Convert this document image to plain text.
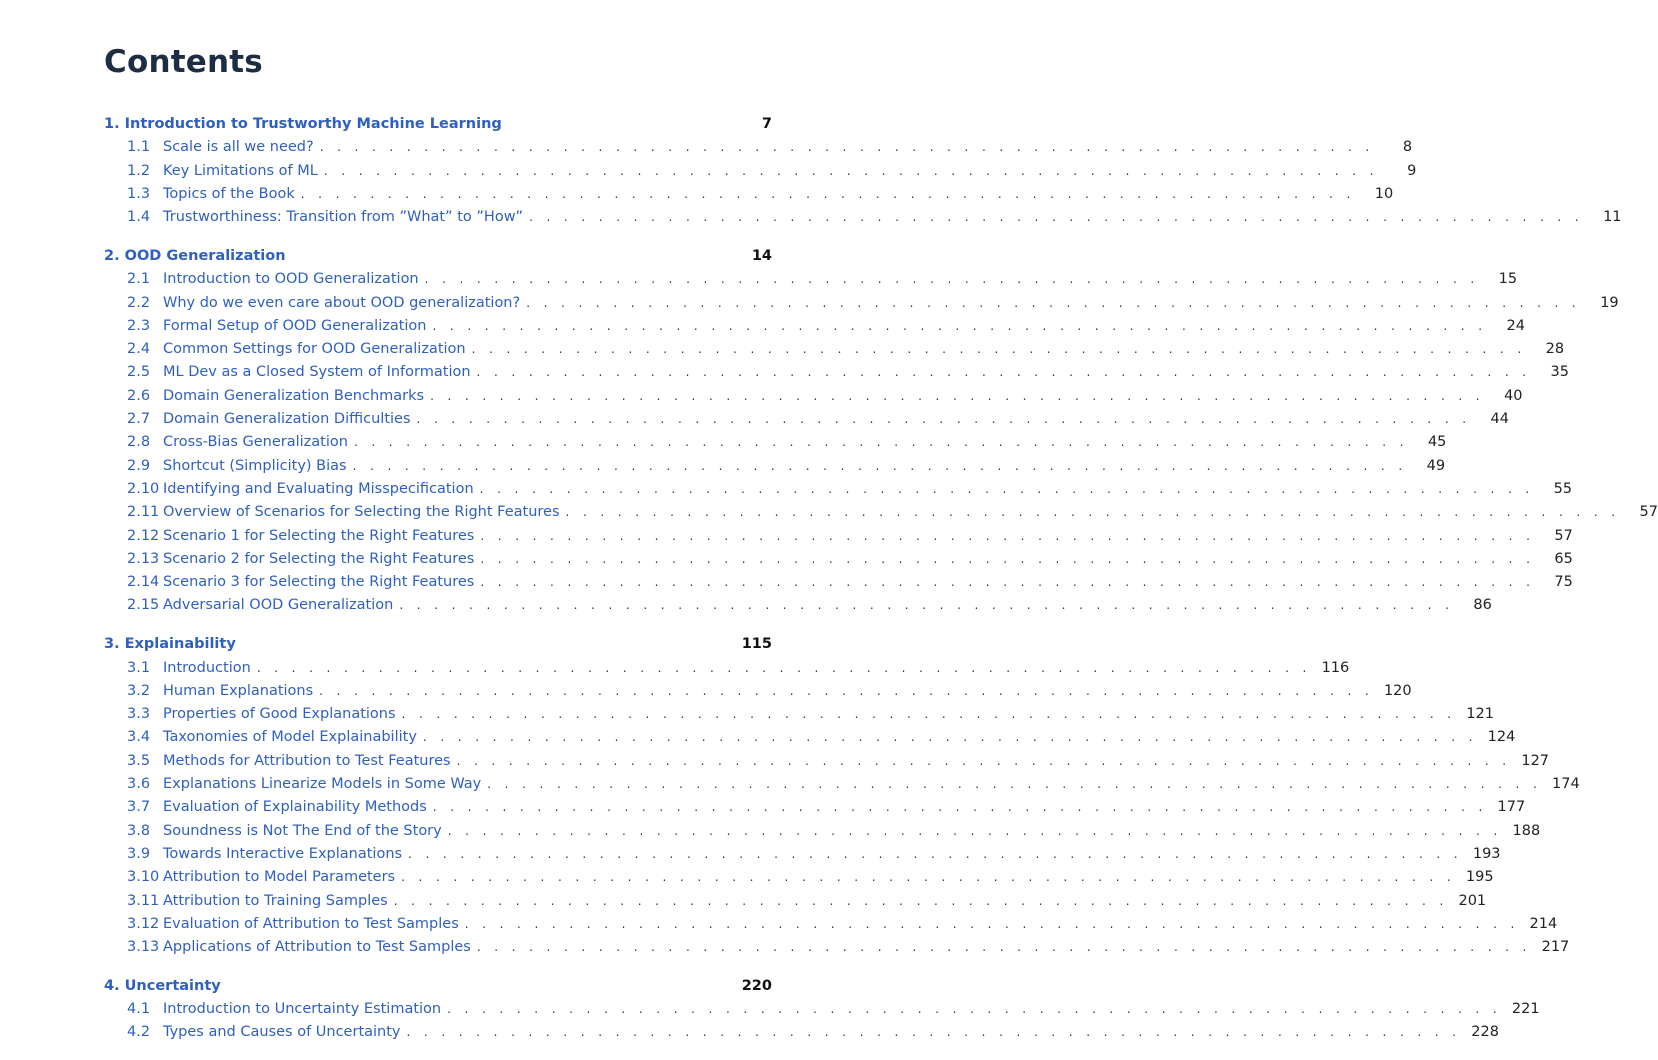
Contents
1. Introduction to Trustworthy Machine Learning	7
1.1 Scale is all we need? . . . . . . . . . . . . . . . . . . . . . . . . . . . . . . . . . . . . . . . . . . . . . . . . . . . . . . . . . . . . .	8
1.2 Key Limitations of ML . . . . . . . . . . . . . . . . . . . . . . . . . . . . . . . . . . . . . . . . . . . . . . . . . . . . . . . . . . . . .	9
1.3 Topics of the Book . . . . . . . . . . . . . . . . . . . . . . . . . . . . . . . . . . . . . . . . . . . . . . . . . . . . . . . . . . . . .	10
1.4 Trustworthiness: Transition from ”What” to ”How” . . . . . . . . . . . . . . . . . . . . . . . . . . . . . . . . . . . . . . . . . . . . . . . . . . . . . . . . . . . . .	11
2. OOD Generalization	14
2.1 Introduction to OOD Generalization . . . . . . . . . . . . . . . . . . . . . . . . . . . . . . . . . . . . . . . . . . . . . . . . . . . . . . . . . . . . .	15
2.2 Why do we even care about OOD generalization? . . . . . . . . . . . . . . . . . . . . . . . . . . . . . . . . . . . . . . . . . . . . . . . . . . . . . . . . . . . . .	19
2.3 Formal Setup of OOD Generalization . . . . . . . . . . . . . . . . . . . . . . . . . . . . . . . . . . . . . . . . . . . . . . . . . . . . . . . . . . . . .	24
2.4 Common Settings for OOD Generalization . . . . . . . . . . . . . . . . . . . . . . . . . . . . . . . . . . . . . . . . . . . . . . . . . . . . . . . . . . . . .	28
2.5 ML Dev as a Closed System of Information . . . . . . . . . . . . . . . . . . . . . . . . . . . . . . . . . . . . . . . . . . . . . . . . . . . . . . . . . . . . .	35
2.6 Domain Generalization Benchmarks . . . . . . . . . . . . . . . . . . . . . . . . . . . . . . . . . . . . . . . . . . . . . . . . . . . . . . . . . . . . .	40
2.7 Domain Generalization Difficulties . . . . . . . . . . . . . . . . . . . . . . . . . . . . . . . . . . . . . . . . . . . . . . . . . . . . . . . . . . . . .	44
2.8 Cross-Bias Generalization . . . . . . . . . . . . . . . . . . . . . . . . . . . . . . . . . . . . . . . . . . . . . . . . . . . . . . . . . . . . .	45
2.9 Shortcut (Simplicity) Bias . . . . . . . . . . . . . . . . . . . . . . . . . . . . . . . . . . . . . . . . . . . . . . . . . . . . . . . . . . . . .	49
2.10 Identifying and Evaluating Misspecification . . . . . . . . . . . . . . . . . . . . . . . . . . . . . . . . . . . . . . . . . . . . . . . . . . . . . . . . . . . . .	55
2.11 Overview of Scenarios for Selecting the Right Features . . . . . . . . . . . . . . . . . . . . . . . . . . . . . . . . . . . . . . . . . . . . . . . . . . . . . . . . . . . . .	57
2.12 Scenario 1 for Selecting the Right Features . . . . . . . . . . . . . . . . . . . . . . . . . . . . . . . . . . . . . . . . . . . . . . . . . . . . . . . . . . . . .	57
2.13 Scenario 2 for Selecting the Right Features . . . . . . . . . . . . . . . . . . . . . . . . . . . . . . . . . . . . . . . . . . . . . . . . . . . . . . . . . . . . .	65
2.14 Scenario 3 for Selecting the Right Features . . . . . . . . . . . . . . . . . . . . . . . . . . . . . . . . . . . . . . . . . . . . . . . . . . . . . . . . . . . . .	75
2.15 Adversarial OOD Generalization . . . . . . . . . . . . . . . . . . . . . . . . . . . . . . . . . . . . . . . . . . . . . . . . . . . . . . . . . . . . .	86
3. Explainability	115
3.1 Introduction . . . . . . . . . . . . . . . . . . . . . . . . . . . . . . . . . . . . . . . . . . . . . . . . . . . . . . . . . . . . . 116
3.2 Human Explanations . . . . . . . . . . . . . . . . . . . . . . . . . . . . . . . . . . . . . . . . . . . . . . . . . . . . . . . . . . . . . 120
3.3 Properties of Good Explanations . . . . . . . . . . . . . . . . . . . . . . . . . . . . . . . . . . . . . . . . . . . . . . . . . . . . . . . . . . . . . 121
3.4 Taxonomies of Model Explainability . . . . . . . . . . . . . . . . . . . . . . . . . . . . . . . . . . . . . . . . . . . . . . . . . . . . . . . . . . . . . 124
3.5 Methods for Attribution to Test Features . . . . . . . . . . . . . . . . . . . . . . . . . . . . . . . . . . . . . . . . . . . . . . . . . . . . . . . . . . . . . 127
3.6 Explanations Linearize Models in Some Way . . . . . . . . . . . . . . . . . . . . . . . . . . . . . . . . . . . . . . . . . . . . . . . . . . . . . . . . . . . . . 174
3.7 Evaluation of Explainability Methods . . . . . . . . . . . . . . . . . . . . . . . . . . . . . . . . . . . . . . . . . . . . . . . . . . . . . . . . . . . . . 177
3.8 Soundness is Not The End of the Story . . . . . . . . . . . . . . . . . . . . . . . . . . . . . . . . . . . . . . . . . . . . . . . . . . . . . . . . . . . . . 188
3.9 Towards Interactive Explanations . . . . . . . . . . . . . . . . . . . . . . . . . . . . . . . . . . . . . . . . . . . . . . . . . . . . . . . . . . . . . 193
3.10 Attribution to Model Parameters . . . . . . . . . . . . . . . . . . . . . . . . . . . . . . . . . . . . . . . . . . . . . . . . . . . . . . . . . . . . . 195
3.11 Attribution to Training Samples . . . . . . . . . . . . . . . . . . . . . . . . . . . . . . . . . . . . . . . . . . . . . . . . . . . . . . . . . . . . . 201
3.12 Evaluation of Attribution to Test Samples . . . . . . . . . . . . . . . . . . . . . . . . . . . . . . . . . . . . . . . . . . . . . . . . . . . . . . . . . . . . . 214
3.13 Applications of Attribution to Test Samples . . . . . . . . . . . . . . . . . . . . . . . . . . . . . . . . . . . . . . . . . . . . . . . . . . . . . . . . . . . . . 217
4. Uncertainty	220
4.1 Introduction to Uncertainty Estimation . . . . . . . . . . . . . . . . . . . . . . . . . . . . . . . . . . . . . . . . . . . . . . . . . . . . . . . . . . . . . 221
4.2 Types and Causes of Uncertainty . . . . . . . . . . . . . . . . . . . . . . . . . . . . . . . . . . . . . . . . . . . . . . . . . . . . . . . . . . . . . 228
